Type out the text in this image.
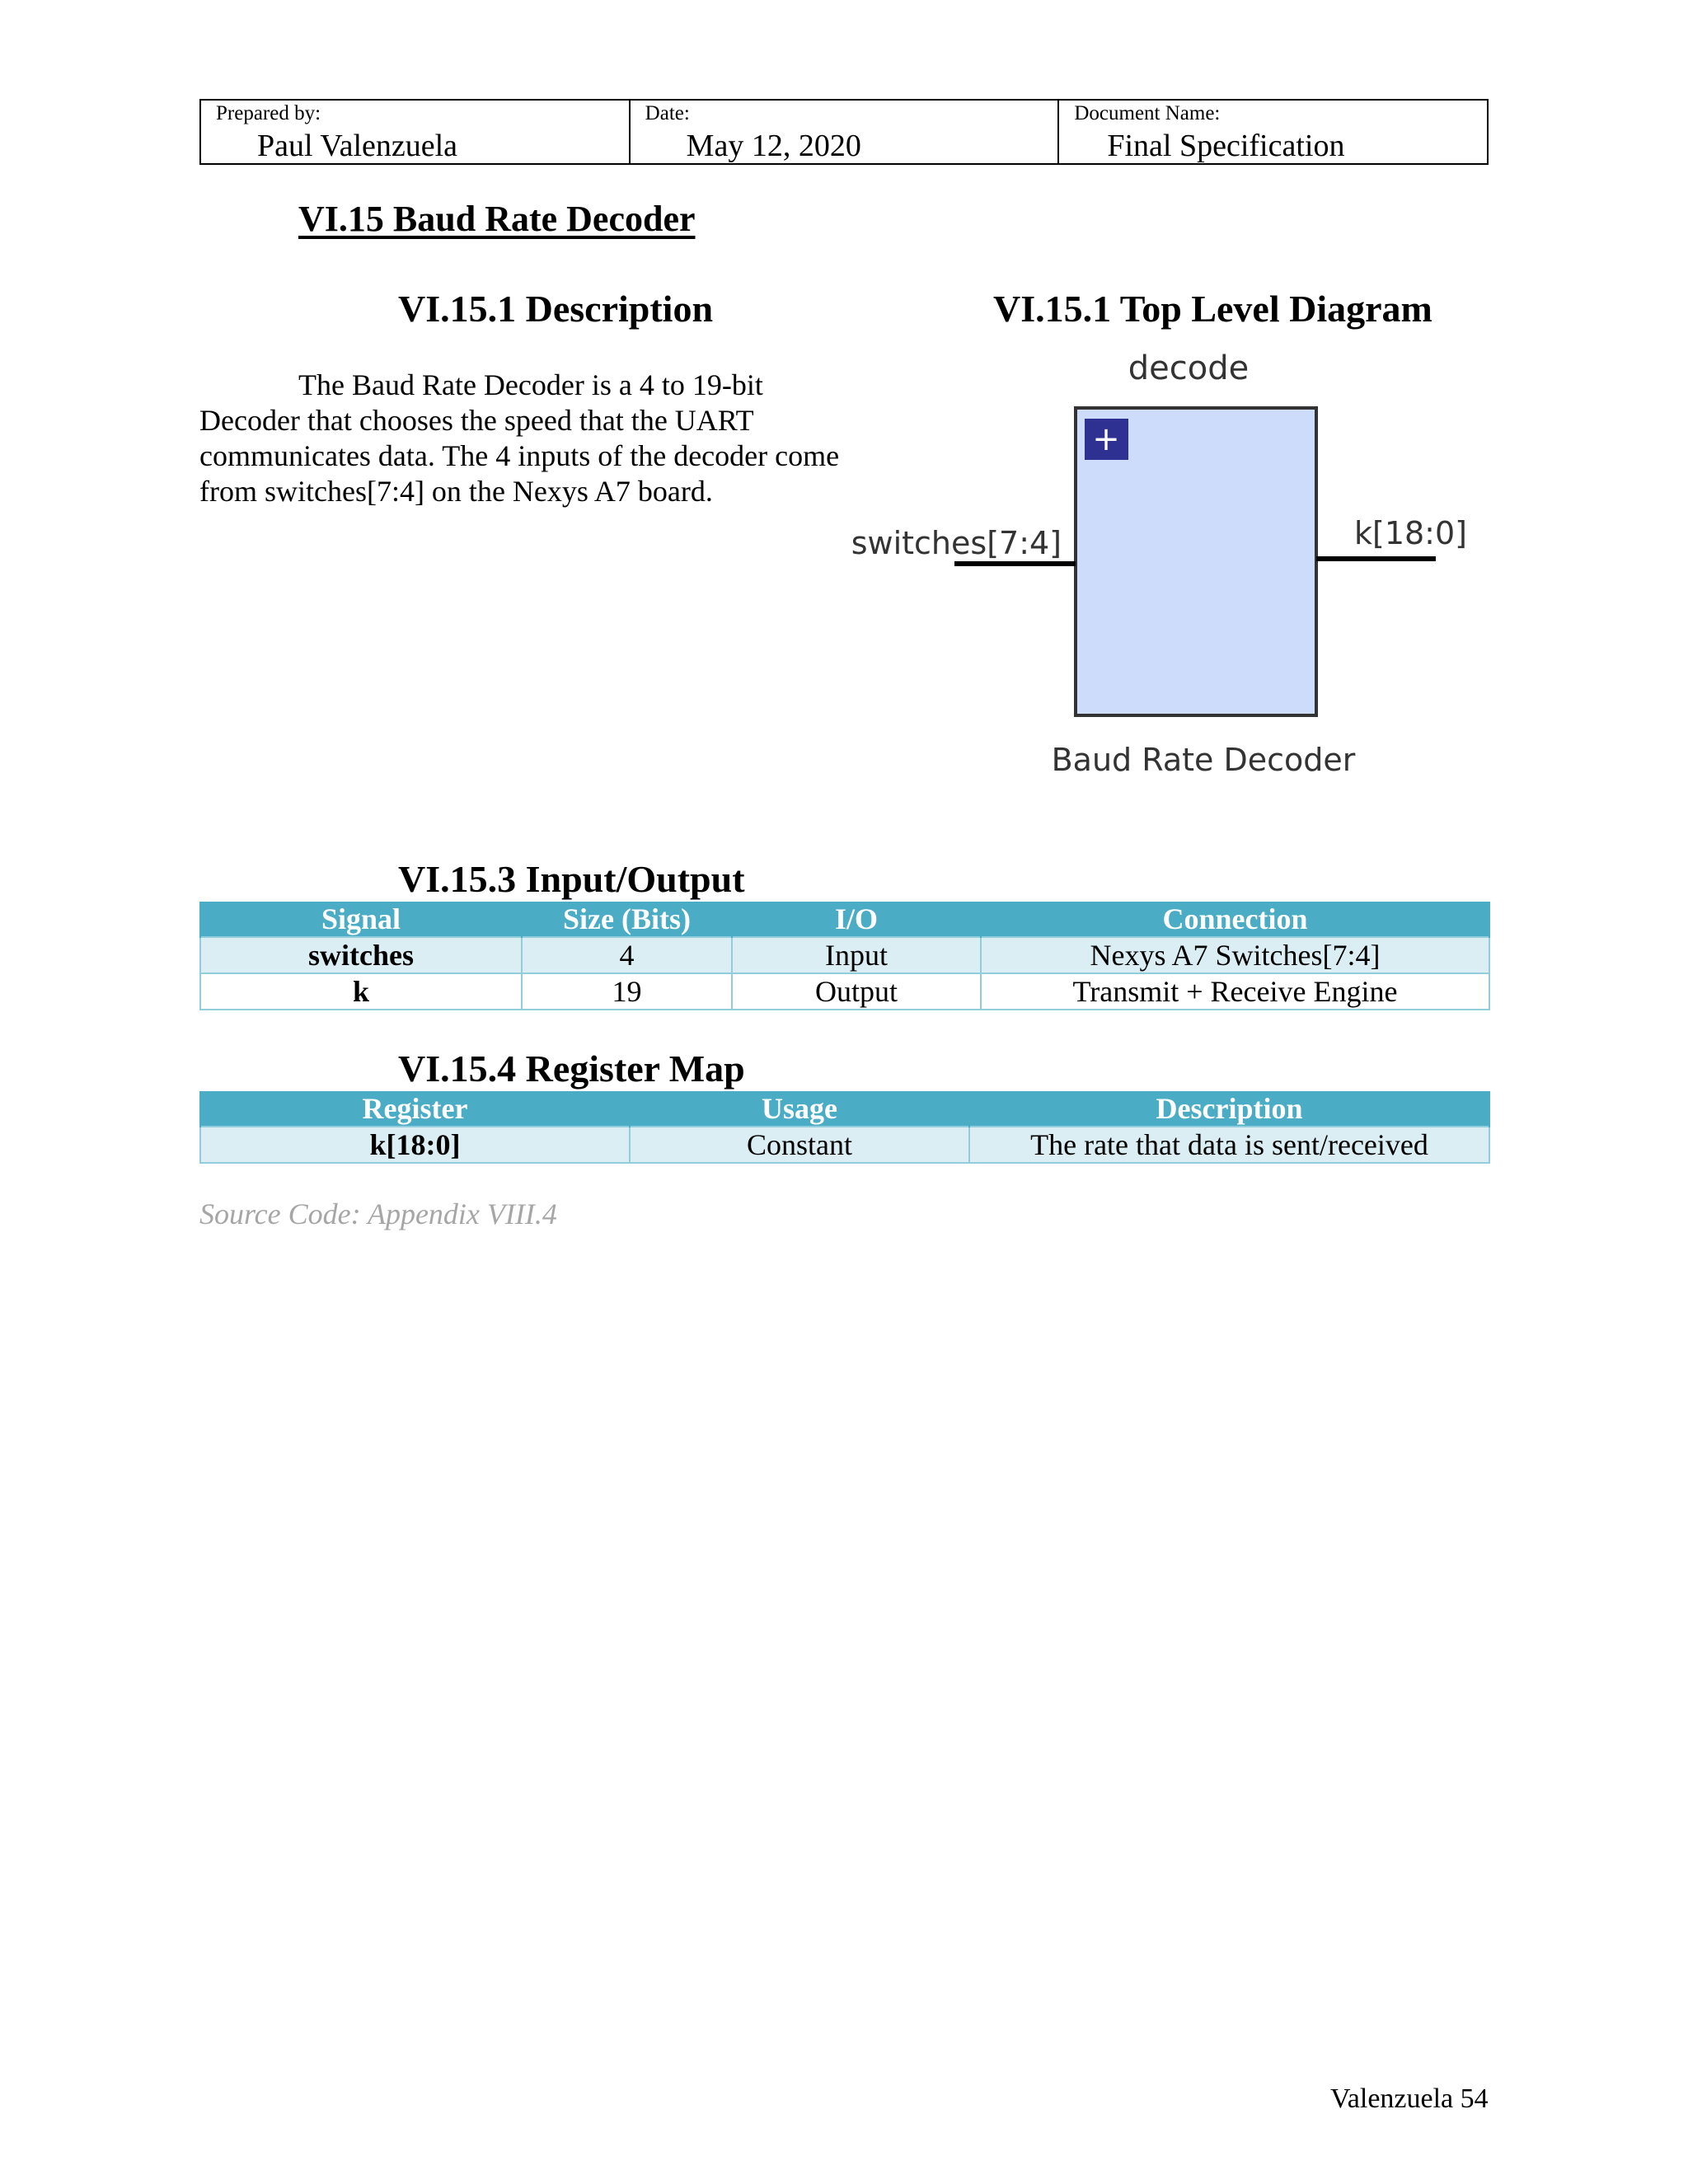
Prepared by:
Paul Valenzuela
Date:
May 12, 2020
Document Name:
Final Specification
VI.15 Baud Rate Decoder
VI.15.1 Description	VI.15.1 Top Level Diagram
The Baud Rate Decoder is a 4 to 19-bit Decoder that chooses the speed that the UART communicates data. The 4 inputs of the decoder come from switches[7:4] on the Nexys A7 board.
decode
+
switches[7:4]	k[18:0]
Baud Rate Decoder
VI.15.3 Input/Output
Signal	Size (Bits)	I/O	Connection
switches	4	Input	Nexys A7 Switches[7:4]
k	19	Output	Transmit + Receive Engine
VI.15.4 Register Map
Register	Usage	Description
k[18:0]	Constant	The rate that data is sent/received
Source Code: Appendix VIII.4
Valenzuela 54
